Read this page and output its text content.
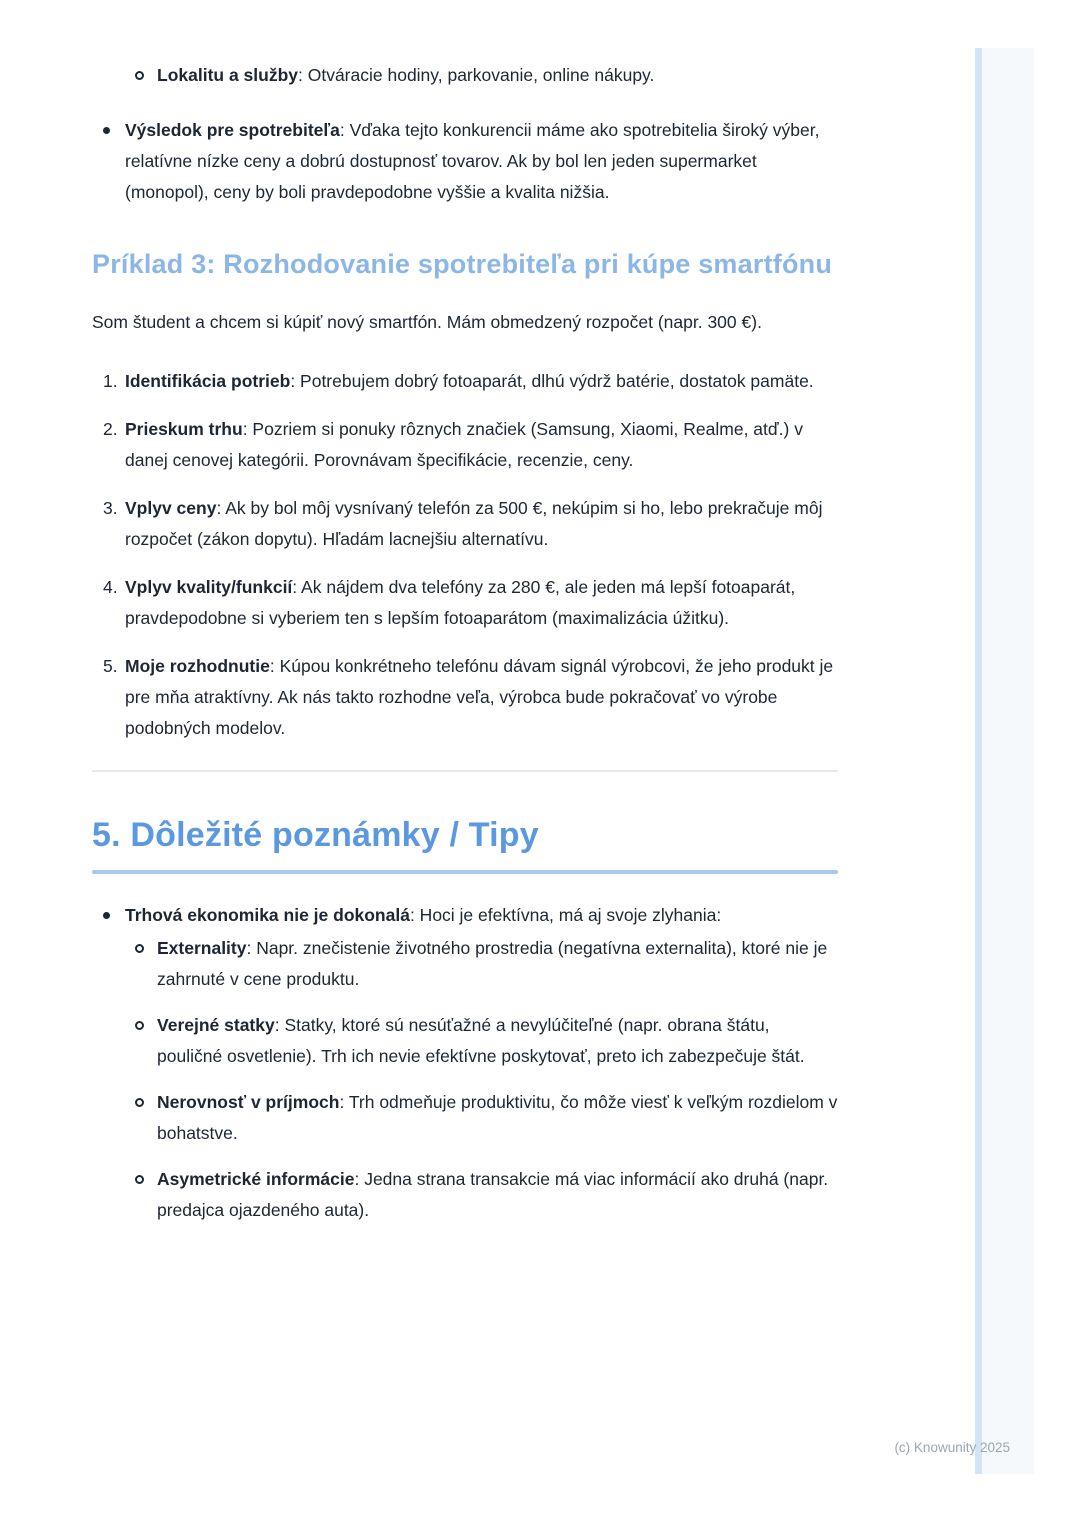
Lokalitu a služby: Otváracie hodiny, parkovanie, online nákupy.

Výsledok pre spotrebiteľa: Vďaka tejto konkurencii máme ako spotrebitelia široký výber, relatívne nízke ceny a dobrú dostupnosť tovarov. Ak by bol len jeden supermarket (monopol), ceny by boli pravdepodobne vyššie a kvalita nižšia.

Príklad 3: Rozhodovanie spotrebiteľa pri kúpe smartfónu

Som študent a chcem si kúpiť nový smartfón. Mám obmedzený rozpočet (napr. 300 €).

1. Identifikácia potrieb: Potrebujem dobrý fotoaparát, dlhú výdrž batérie, dostatok pamäte.

2. Prieskum trhu: Pozriem si ponuky rôznych značiek (Samsung, Xiaomi, Realme, atď.) v danej cenovej kategórii. Porovnávam špecifikácie, recenzie, ceny.

3. Vplyv ceny: Ak by bol môj vysnívaný telefón za 500 €, nekúpim si ho, lebo prekračuje môj rozpočet (zákon dopytu). Hľadám lacnejšiu alternatívu.

4. Vplyv kvality/funkcií: Ak nájdem dva telefóny za 280 €, ale jeden má lepší fotoaparát, pravdepodobne si vyberiem ten s lepším fotoaparátom (maximalizácia úžitku).

5. Moje rozhodnutie: Kúpou konkrétneho telefónu dávam signál výrobcovi, že jeho produkt je pre mňa atraktívny. Ak nás takto rozhodne veľa, výrobca bude pokračovať vo výrobe podobných modelov.

5. Dôležité poznámky / Tipy

Trhová ekonomika nie je dokonalá: Hoci je efektívna, má aj svoje zlyhania:

Externality: Napr. znečistenie životného prostredia (negatívna externalita), ktoré nie je zahrnuté v cene produktu.

Verejné statky: Statky, ktoré sú nesúťažné a nevylúčiteľné (napr. obrana štátu, pouličné osvetlenie). Trh ich nevie efektívne poskytovať, preto ich zabezpečuje štát.

Nerovnosť v príjmoch: Trh odmeňuje produktivitu, čo môže viesť k veľkým rozdielom v bohatstve.

Asymetrické informácie: Jedna strana transakcie má viac informácií ako druhá (napr. predajca ojazdeného auta).

(c) Knowunity 2025
